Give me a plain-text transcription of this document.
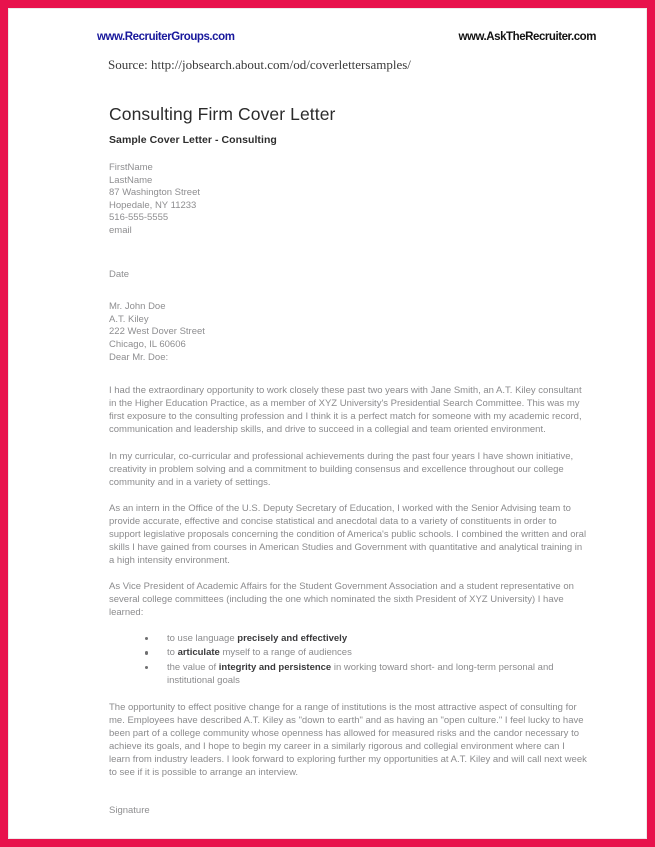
www.RecruiterGroups.com	www.AskTheRecruiter.com
Source: http://jobsearch.about.com/od/coverlettersamples/
Consulting Firm Cover Letter
Sample Cover Letter - Consulting
FirstName
LastName
87 Washington Street
Hopedale, NY 11233
516-555-5555
email
Date
Mr. John Doe
A.T. Kiley
222 West Dover Street
Chicago, IL 60606
Dear Mr. Doe:

I had the extraordinary opportunity to work closely these past two years with Jane Smith, an A.T. Kiley consultant in the Higher Education Practice, as a member of XYZ University's Presidential Search Committee. This was my first exposure to the consulting profession and I think it is a perfect match for someone with my academic record, communication and leadership skills, and drive to succeed in a collegial and team oriented environment.

In my curricular, co-curricular and professional achievements during the past four years I have shown initiative, creativity in problem solving and a commitment to building consensus and excellence throughout our college community and in a variety of settings.

As an intern in the Office of the U.S. Deputy Secretary of Education, I worked with the Senior Advising team to provide accurate, effective and concise statistical and anecdotal data to a variety of constituents in order to support legislative proposals concerning the condition of America's public schools. I combined the written and oral skills I have gained from courses in American Studies and Government with quantitative and analytical training in a high intensity environment.

As Vice President of Academic Affairs for the Student Government Association and a student representative on several college committees (including the one which nominated the sixth President of XYZ University) I have learned:

to use language precisely and effectively
to articulate myself to a range of audiences
the value of integrity and persistence in working toward short- and long-term personal and institutional goals
The opportunity to effect positive change for a range of institutions is the most attractive aspect of consulting for me. Employees have described A.T. Kiley as "down to earth" and as having an "open culture." I feel lucky to have been part of a college community whose openness has allowed for measured risks and the candor necessary to achieve its goals, and I hope to begin my career in a similarly rigorous and collegial environment where can I learn from industry leaders. I look forward to exploring further my opportunities at A.T. Kiley and will call next week to see if it is possible to arrange an interview.
Signature
